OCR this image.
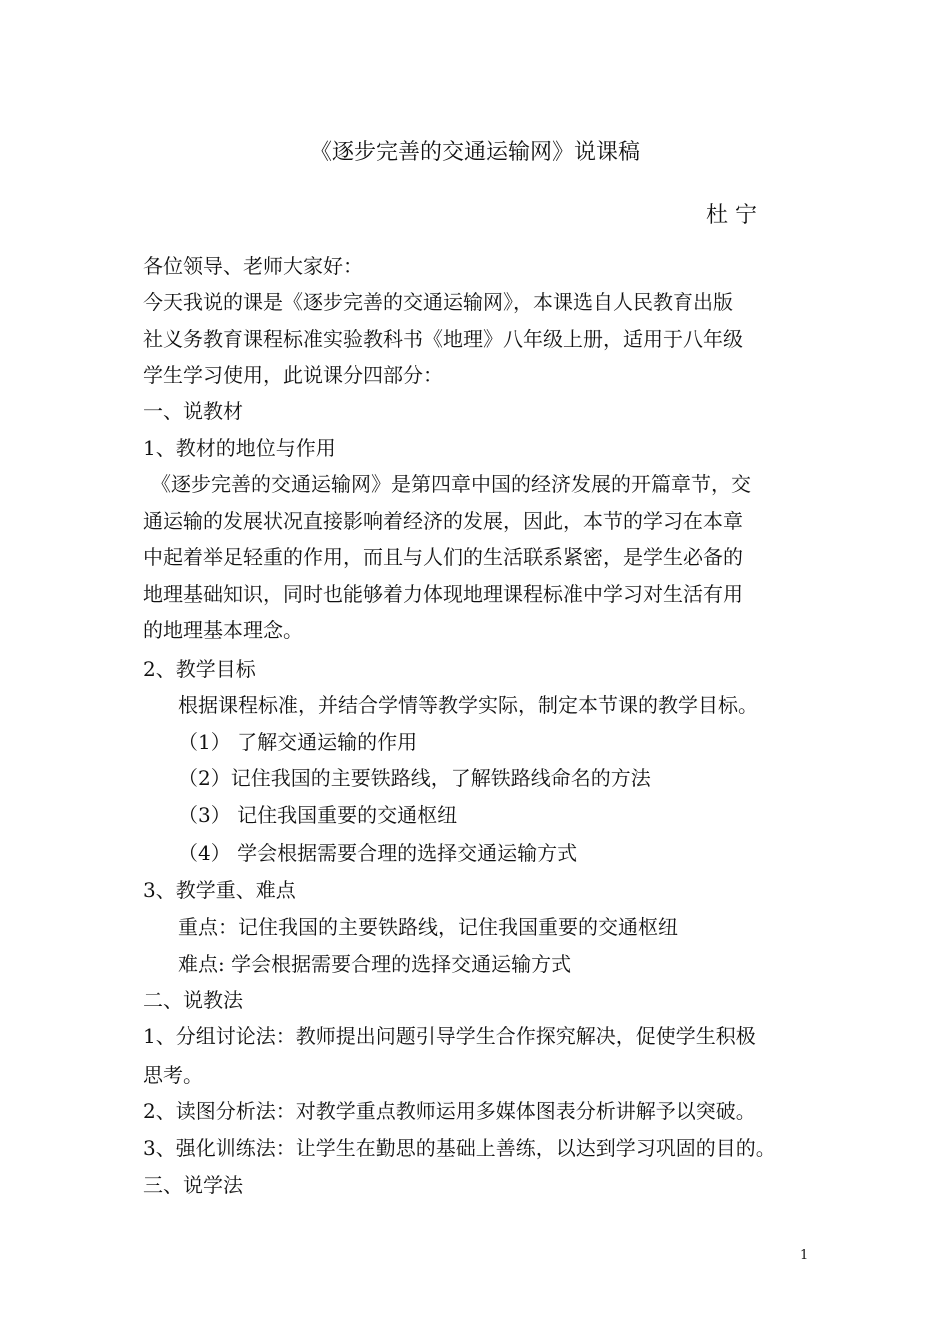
《逐步完善的交通运输网》说课稿
杜 宁
各位领导、老师大家好：
今天我说的课是《逐步完善的交通运输网》，本课选自人民教育出版
社义务教育课程标准实验教科书《地理》八年级上册，适用于八年级
学生学习使用，此说课分四部分：
一、说教材
1、教材的地位与作用
《逐步完善的交通运输网》是第四章中国的经济发展的开篇章节，交
通运输的发展状况直接影响着经济的发展，因此，本节的学习在本章
中起着举足轻重的作用，而且与人们的生活联系紧密，是学生必备的
地理基础知识，同时也能够着力体现地理课程标准中学习对生活有用
的地理基本理念。
2、教学目标
根据课程标准，并结合学情等教学实际，制定本节课的教学目标。
（1） 了解交通运输的作用
（2）记住我国的主要铁路线，了解铁路线命名的方法
（3） 记住我国重要的交通枢纽
（4） 学会根据需要合理的选择交通运输方式
3、教学重、难点
重点：记住我国的主要铁路线，记住我国重要的交通枢纽
难点: 学会根据需要合理的选择交通运输方式
二、说教法
1、分组讨论法：教师提出问题引导学生合作探究解决，促使学生积极
思考。
2、读图分析法：对教学重点教师运用多媒体图表分析讲解予以突破。
3、强化训练法：让学生在勤思的基础上善练，以达到学习巩固的目的。
三、说学法
1
